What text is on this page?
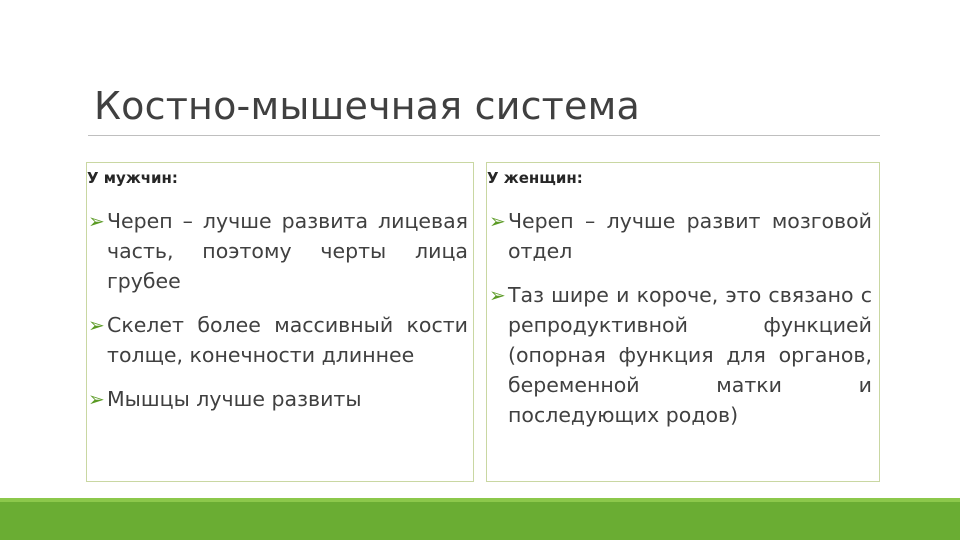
Костно-мышечная система
У мужчин:

➢ Череп – лучше развита лицевая часть, поэтому черты лица грубее

➢ Скелет более массивный кости толще, конечности длиннее

➢ Мышцы лучше развиты

У женщин:

➢ Череп – лучше развит мозговой отдел

➢ Таз шире и короче, это связано с репродуктивной функцией (опорная функция для органов, беременной матки и последующих родов)
